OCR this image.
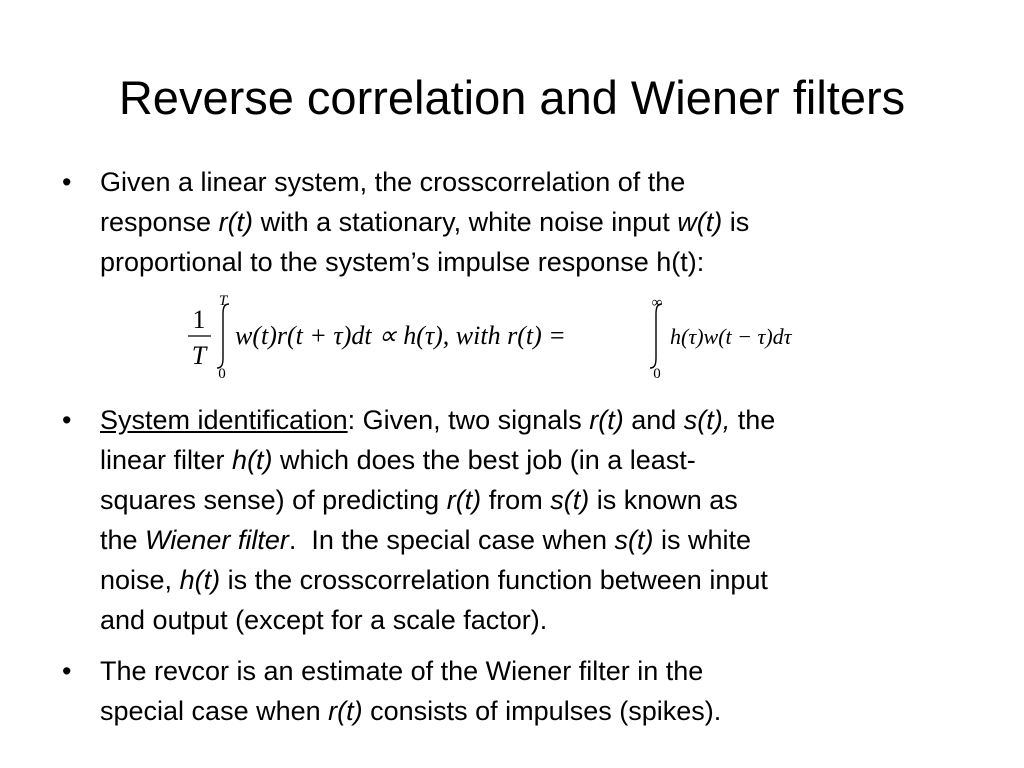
Reverse correlation and Wiener filters
•	Given a linear system, the crosscorrelation of the
response r(t) with a stationary, white noise input w(t) is
proportional to the system’s impulse response h(t):
1
T
T
0
w(t)r(t + τ)dt ∝ h(τ), with r(t) =
∞
0
h(τ)w(t − τ)dτ
•	System identification: Given, two signals r(t) and s(t), the
linear filter h(t) which does the best job (in a least-
squares sense) of predicting r(t) from s(t) is known as
the Wiener filter.  In the special case when s(t) is white
noise, h(t) is the crosscorrelation function between input
and output (except for a scale factor).
•	The revcor is an estimate of the Wiener filter in the
special case when r(t) consists of impulses (spikes).
